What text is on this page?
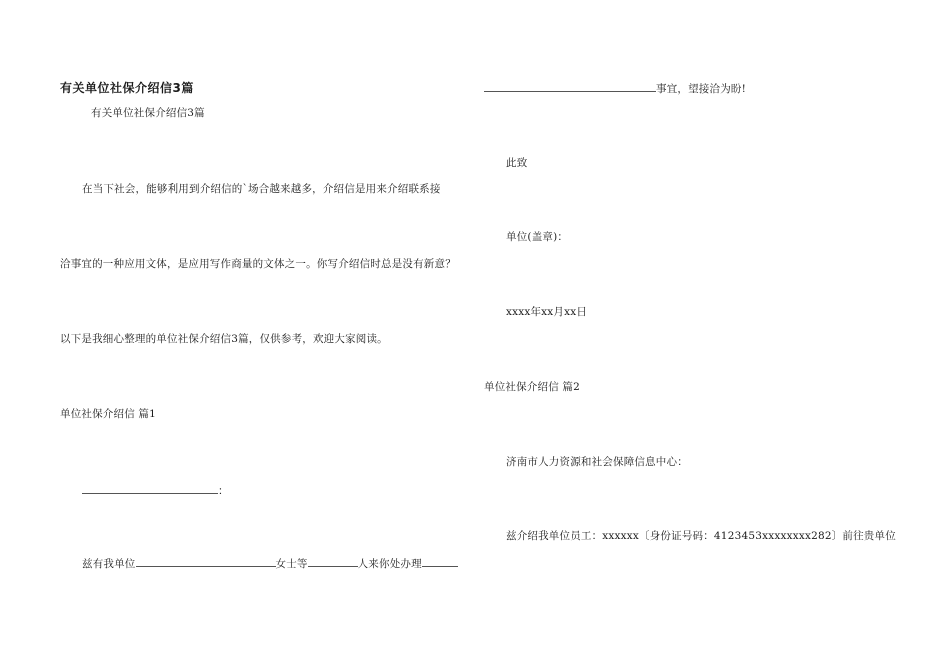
有关单位社保介绍信3篇
有关单位社保介绍信3篇
在当下社会，能够利用到介绍信的`场合越来越多，介绍信是用来介绍联系接
洽事宜的一种应用文体，是应用写作商量的文体之一。你写介绍信时总是没有新意？
以下是我细心整理的单位社保介绍信3篇，仅供参考，欢迎大家阅读。
单位社保介绍信 篇1
：
兹有我单位	女士等	人来你处办理
事宜，望接洽为盼!
此致
单位(盖章)：
xxxx年xx月xx日
单位社保介绍信 篇2
济南市人力资源和社会保障信息中心：
兹介绍我单位员工：xxxxxx〔身份证号码：4123453xxxxxxxx282〕前往贵单位
